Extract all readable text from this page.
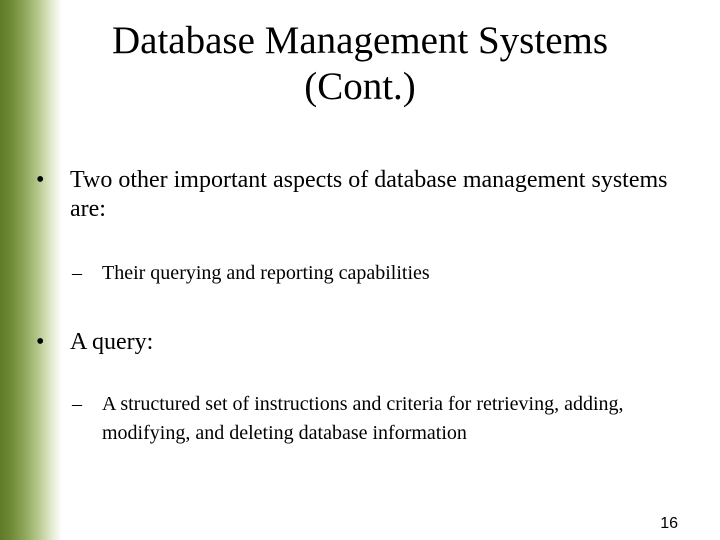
Database Management Systems
(Cont.)
•	Two other important aspects of database management systems are:
–	Their querying and reporting capabilities
•	A query:
–	A structured set of instructions and criteria for retrieving, adding, modifying, and deleting database information
16
